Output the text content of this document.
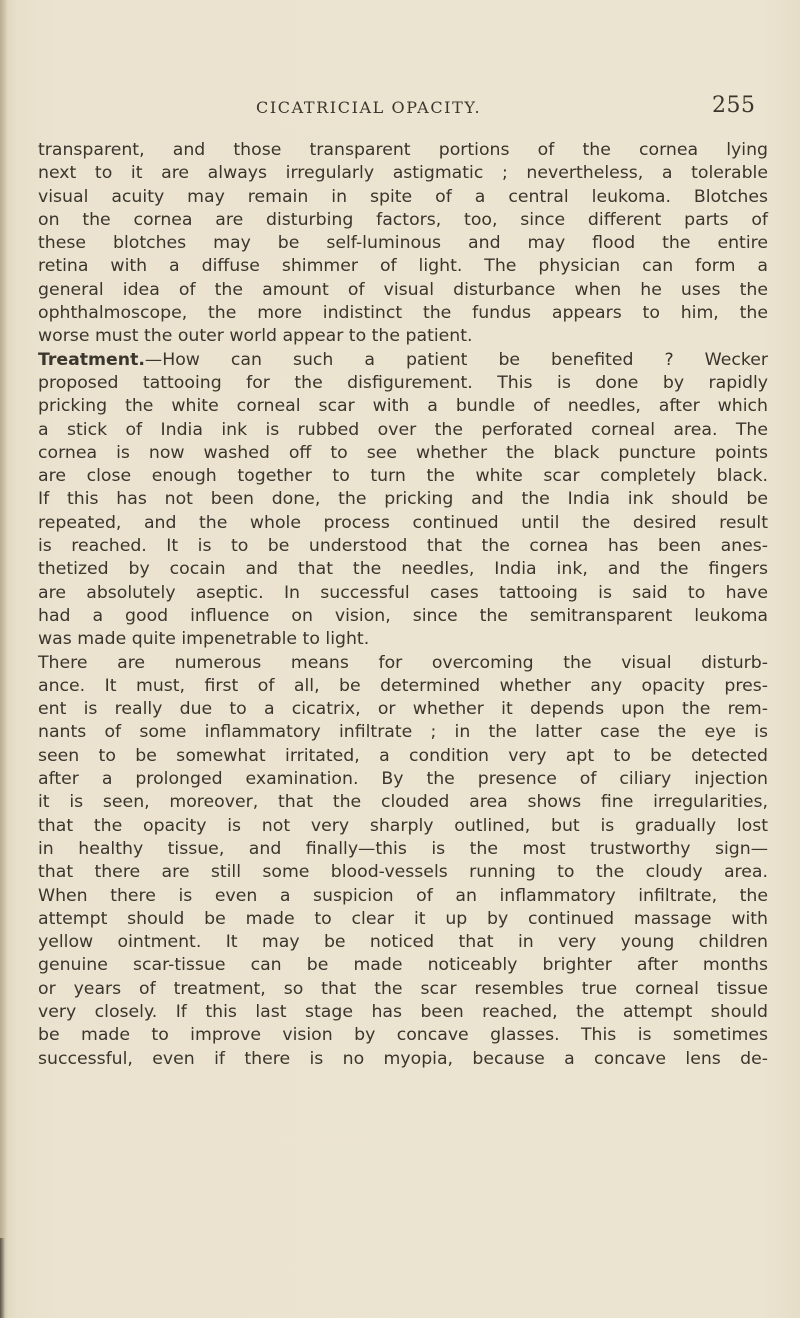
CICATRICIAL OPACITY.	255
transparent, and those transparent portions of the cornea lying
next to it are always irregularly astigmatic ; nevertheless, a tolerable
visual acuity may remain in spite of a central leukoma. Blotches
on the cornea are disturbing factors, too, since different parts of
these blotches may be self-luminous and may flood the entire
retina with a diffuse shimmer of light. The physician can form a
general idea of the amount of visual disturbance when he uses the
ophthalmoscope, the more indistinct the fundus appears to him, the
worse must the outer world appear to the patient.
Treatment.—How can such a patient be benefited ? Wecker
proposed tattooing for the disfigurement. This is done by rapidly
pricking the white corneal scar with a bundle of needles, after which
a stick of India ink is rubbed over the perforated corneal area. The
cornea is now washed off to see whether the black puncture points
are close enough together to turn the white scar completely black.
If this has not been done, the pricking and the India ink should be
repeated, and the whole process continued until the desired result
is reached. It is to be understood that the cornea has been anes-
thetized by cocain and that the needles, India ink, and the fingers
are absolutely aseptic. In successful cases tattooing is said to have
had a good influence on vision, since the semitransparent leukoma
was made quite impenetrable to light.
There are numerous means for overcoming the visual disturb-
ance. It must, first of all, be determined whether any opacity pres-
ent is really due to a cicatrix, or whether it depends upon the rem-
nants of some inflammatory infiltrate ; in the latter case the eye is
seen to be somewhat irritated, a condition very apt to be detected
after a prolonged examination. By the presence of ciliary injection
it is seen, moreover, that the clouded area shows fine irregularities,
that the opacity is not very sharply outlined, but is gradually lost
in healthy tissue, and finally—this is the most trustworthy sign—
that there are still some blood-vessels running to the cloudy area.
When there is even a suspicion of an inflammatory infiltrate, the
attempt should be made to clear it up by continued massage with
yellow ointment. It may be noticed that in very young children
genuine scar-tissue can be made noticeably brighter after months
or years of treatment, so that the scar resembles true corneal tissue
very closely. If this last stage has been reached, the attempt should
be made to improve vision by concave glasses. This is sometimes
successful, even if there is no myopia, because a concave lens de-
